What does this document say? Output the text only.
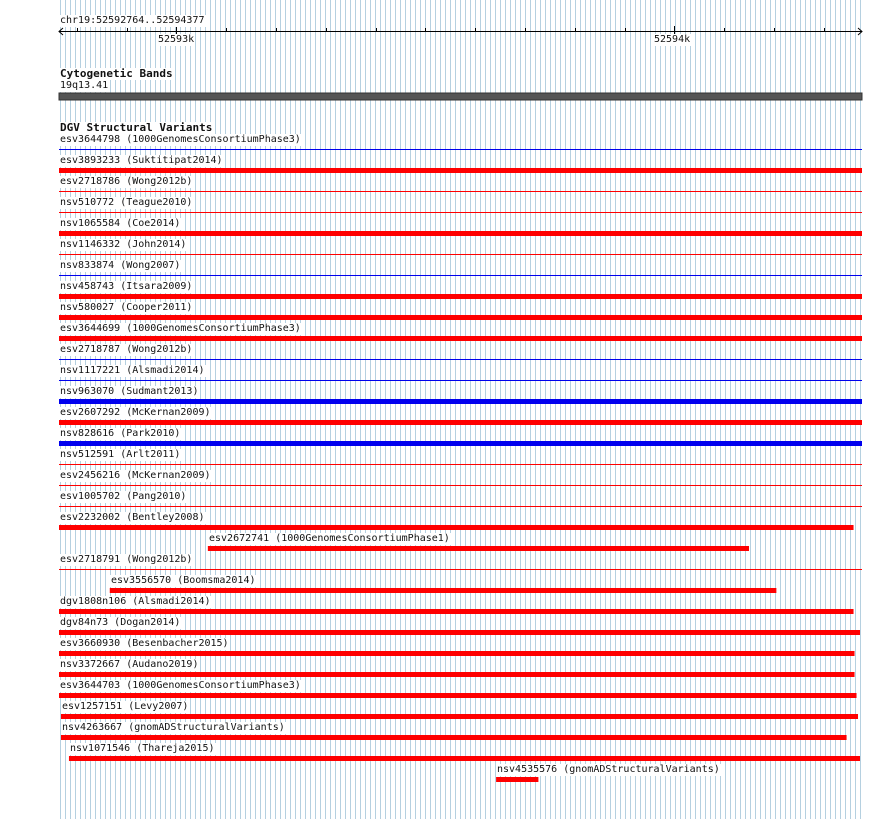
chr19:52592764..52594377
52593k	52594k
Cytogenetic Bands
19q13.41
DGV Structural Variants
esv3644798 (1000GenomesConsortiumPhase3)
esv3893233 (Suktitipat2014)
esv2718786 (Wong2012b)
nsv510772 (Teague2010)
nsv1065584 (Coe2014)
nsv1146332 (John2014)
nsv833874 (Wong2007)
nsv458743 (Itsara2009)
nsv580027 (Cooper2011)
esv3644699 (1000GenomesConsortiumPhase3)
esv2718787 (Wong2012b)
nsv1117221 (Alsmadi2014)
nsv963070 (Sudmant2013)
esv2607292 (McKernan2009)
nsv828616 (Park2010)
nsv512591 (Arlt2011)
esv2456216 (McKernan2009)
esv1005702 (Pang2010)
esv2232002 (Bentley2008)
esv2672741 (1000GenomesConsortiumPhase1)
esv2718791 (Wong2012b)
esv3556570 (Boomsma2014)
dgv1808n106 (Alsmadi2014)
dgv84n73 (Dogan2014)
esv3660930 (Besenbacher2015)
nsv3372667 (Audano2019)
esv3644703 (1000GenomesConsortiumPhase3)
esv1257151 (Levy2007)
nsv4263667 (gnomADStructuralVariants)
nsv1071546 (Thareja2015)
nsv4535576 (gnomADStructuralVariants)
